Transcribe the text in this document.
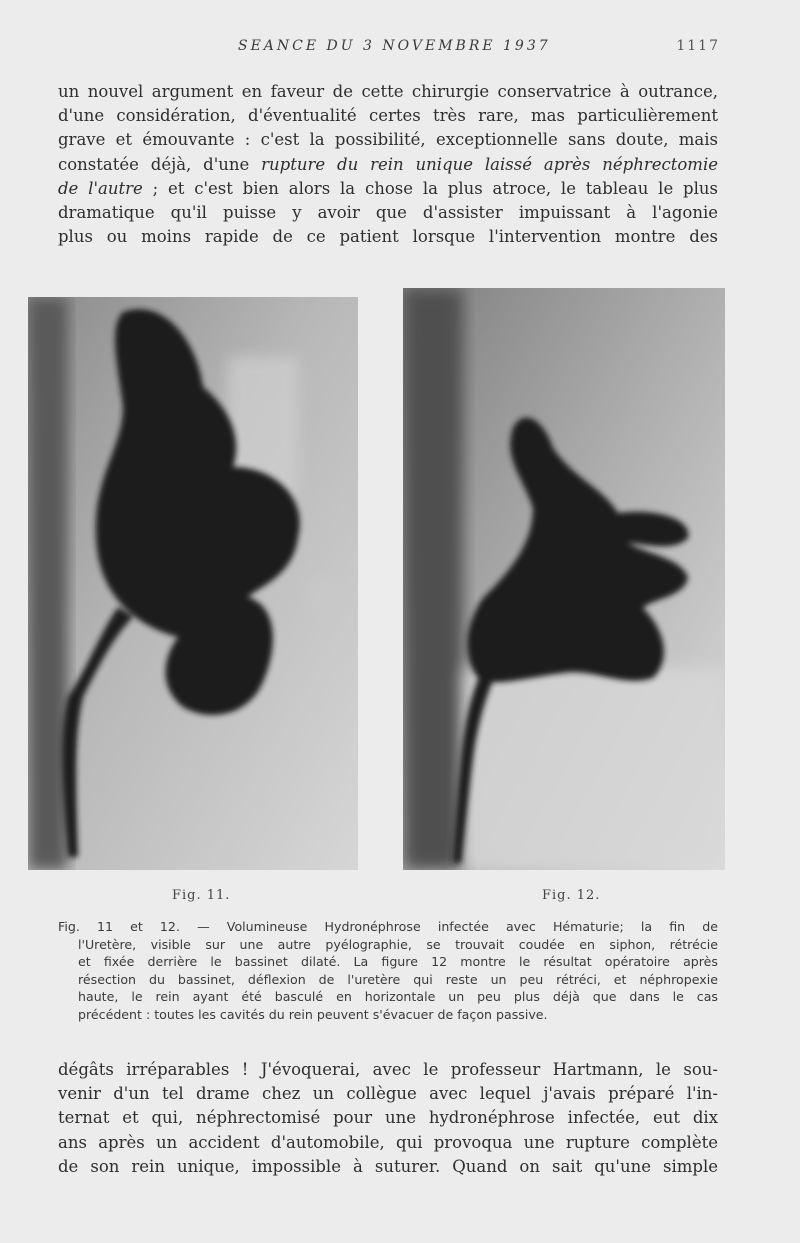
SEANCE DU 3 NOVEMBRE 1937	1117
un nouvel argument en faveur de cette chirurgie conservatrice à outrance,
d'une considération, d'éventualité certes très rare, mas particulièrement
grave et émouvante : c'est la possibilité, exceptionnelle sans doute, mais
constatée déjà, d'une rupture du rein unique laissé après néphrectomie
de l'autre ; et c'est bien alors la chose la plus atroce, le tableau le plus
dramatique qu'il puisse y avoir que d'assister impuissant à l'agonie
plus ou moins rapide de ce patient lorsque l'intervention montre des
Fig. 11.	Fig. 12.
Fig. 11 et 12. — Volumineuse Hydronéphrose infectée avec Hématurie; la fin de
l'Uretère, visible sur une autre pyélographie, se trouvait coudée en siphon, rétrécie
et fixée derrière le bassinet dilaté. La figure 12 montre le résultat opératoire après
résection du bassinet, déflexion de l'uretère qui reste un peu rétréci, et néphropexie
haute, le rein ayant été basculé en horizontale un peu plus déjà que dans le cas
précédent : toutes les cavités du rein peuvent s'évacuer de façon passive.
dégâts irréparables ! J'évoquerai, avec le professeur Hartmann, le sou-
venir d'un tel drame chez un collègue avec lequel j'avais préparé l'in-
ternat et qui, néphrectomisé pour une hydronéphrose infectée, eut dix
ans après un accident d'automobile, qui provoqua une rupture complète
de son rein unique, impossible à suturer. Quand on sait qu'une simple
